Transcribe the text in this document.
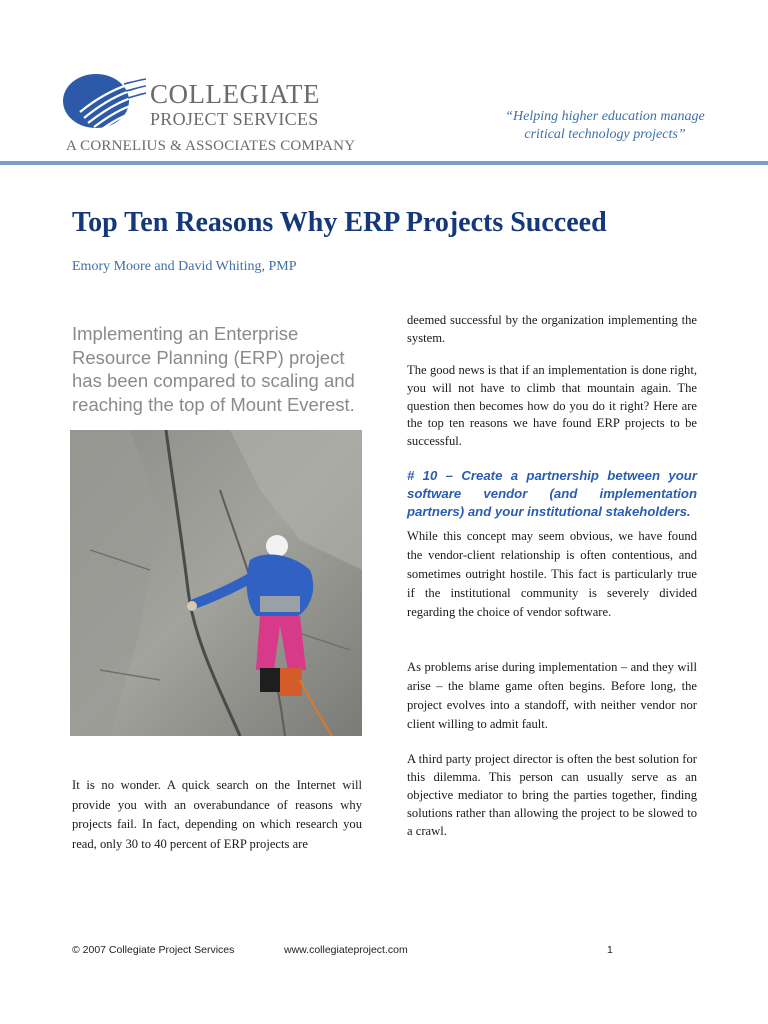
COLLEGIATE
PROJECT SERVICES
A CORNELIUS & ASSOCIATES COMPANY
“Helping higher education manage
critical technology projects”
Top Ten Reasons Why ERP Projects Succeed
Emory Moore and David Whiting, PMP
Implementing an Enterprise Resource Planning (ERP) project has been compared to scaling and reaching the top of Mount Everest.
It is no wonder. A quick search on the Internet will provide you with an overabundance of reasons why projects fail. In fact, depending on which research you read, only 30 to 40 percent of ERP projects are
deemed successful by the organization implementing the system.
The good news is that if an implementation is done right, you will not have to climb that mountain again. The question then becomes how do you do it right? Here are the top ten reasons we have found ERP projects to be successful.
# 10 – Create a partnership between your software vendor (and implementation partners) and your institutional stakeholders.
While this concept may seem obvious, we have found the vendor-client relationship is often contentious, and sometimes outright hostile. This fact is particularly true if the institutional community is severely divided regarding the choice of vendor software.
As problems arise during implementation – and they will arise – the blame game often begins. Before long, the project evolves into a standoff, with neither vendor nor client willing to admit fault.
A third party project director is often the best solution for this dilemma. This person can usually serve as an objective mediator to bring the parties together, finding solutions rather than allowing the project to be slowed to a crawl.
© 2007 Collegiate Project Services	www.collegiateproject.com	1
